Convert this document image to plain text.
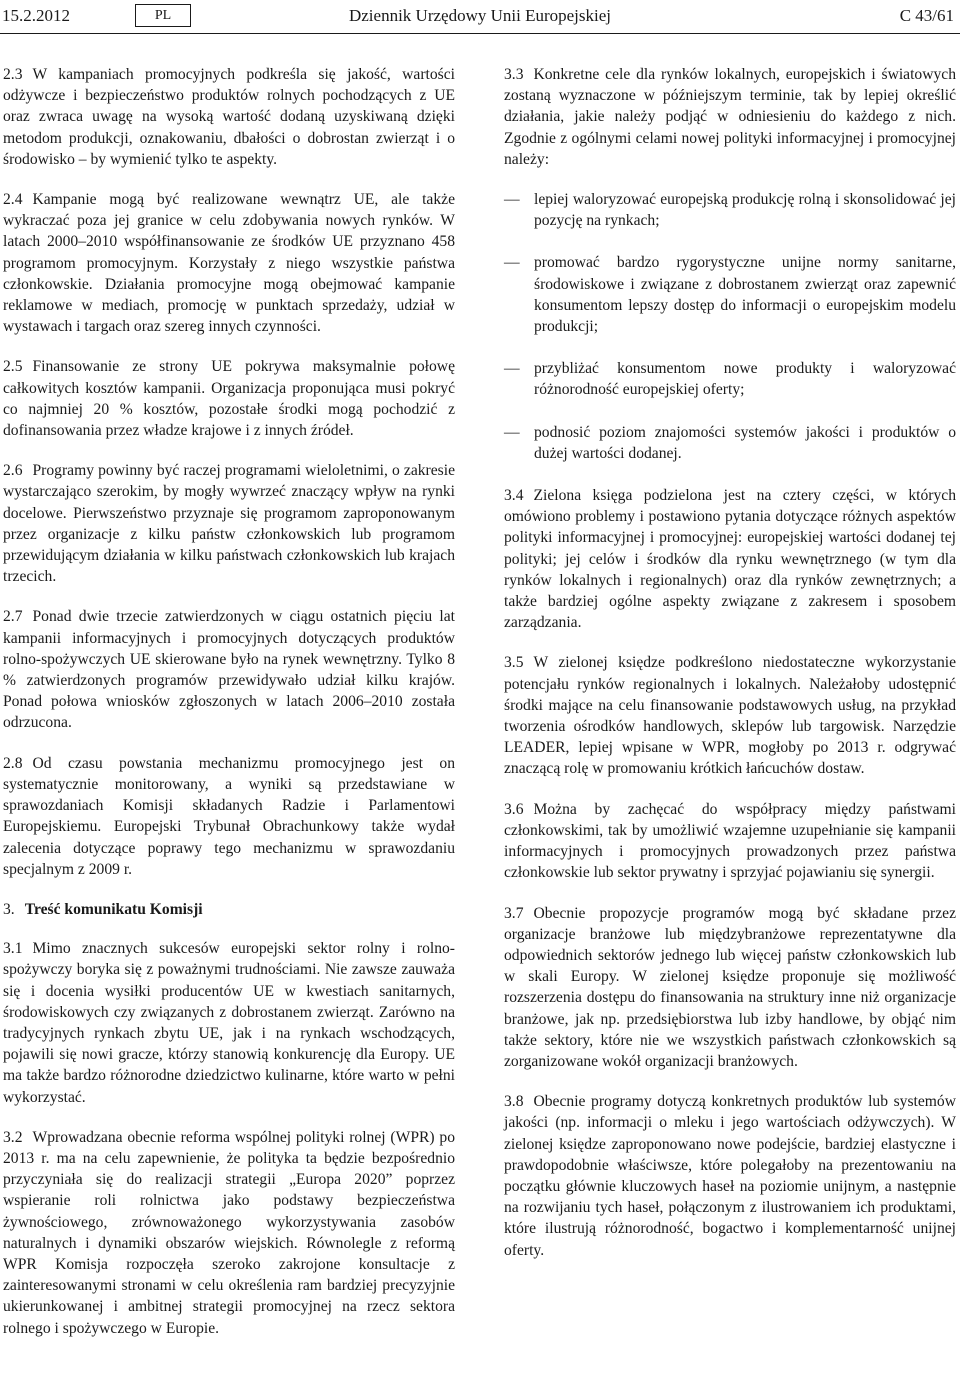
15.2.2012	PL	Dziennik Urzędowy Unii Europejskiej	C 43/61

2.3 W kampaniach promocyjnych podkreśla się jakość, wartości odżywcze i bezpieczeństwo produktów rolnych pochodzących z UE oraz zwraca uwagę na wysoką wartość dodaną uzyskiwaną dzięki metodom produkcji, oznakowaniu, dbałości o dobrostan zwierząt i o środowisko – by wymienić tylko te aspekty.

2.4 Kampanie mogą być realizowane wewnątrz UE, ale także wykraczać poza jej granice w celu zdobywania nowych rynków. W latach 2000–2010 współfinansowanie ze środków UE przyznano 458 programom promocyjnym. Korzystały z niego wszystkie państwa członkowskie. Działania promocyjne mogą obejmować kampanie reklamowe w mediach, promocję w punktach sprzedaży, udział w wystawach i targach oraz szereg innych czynności.

2.5 Finansowanie ze strony UE pokrywa maksymalnie połowę całkowitych kosztów kampanii. Organizacja proponująca musi pokryć co najmniej 20 % kosztów, pozostałe środki mogą pochodzić z dofinansowania przez władze krajowe i z innych źródeł.

2.6 Programy powinny być raczej programami wieloletnimi, o zakresie wystarczająco szerokim, by mogły wywrzeć znaczący wpływ na rynki docelowe. Pierwszeństwo przyznaje się programom zaproponowanym przez organizacje z kilku państw członkowskich lub programom przewidującym działania w kilku państwach członkowskich lub krajach trzecich.

2.7 Ponad dwie trzecie zatwierdzonych w ciągu ostatnich pięciu lat kampanii informacyjnych i promocyjnych dotyczących produktów rolno-spożywczych UE skierowane było na rynek wewnętrzny. Tylko 8 % zatwierdzonych programów przewidywało udział kilku krajów. Ponad połowa wniosków zgłoszonych w latach 2006–2010 została odrzucona.

2.8 Od czasu powstania mechanizmu promocyjnego jest on systematycznie monitorowany, a wyniki są przedstawiane w sprawozdaniach Komisji składanych Radzie i Parlamentowi Europejskiemu. Europejski Trybunał Obrachunkowy także wydał zalecenia dotyczące poprawy tego mechanizmu w sprawozdaniu specjalnym z 2009 r.

3. Treść komunikatu Komisji

3.1 Mimo znacznych sukcesów europejski sektor rolny i rolno-spożywczy boryka się z poważnymi trudnościami. Nie zawsze zauważa się i docenia wysiłki producentów UE w kwestiach sanitarnych, środowiskowych czy związanych z dobrostanem zwierząt. Zarówno na tradycyjnych rynkach zbytu UE, jak i na rynkach wschodzących, pojawili się nowi gracze, którzy stanowią konkurencję dla Europy. UE ma także bardzo różnorodne dziedzictwo kulinarne, które warto w pełni wykorzystać.

3.2 Wprowadzana obecnie reforma wspólnej polityki rolnej (WPR) po 2013 r. ma na celu zapewnienie, że polityka ta będzie bezpośrednio przyczyniała się do realizacji strategii „Europa 2020” poprzez wspieranie roli rolnictwa jako podstawy bezpieczeństwa żywnościowego, zrównoważonego wykorzystywania zasobów naturalnych i dynamiki obszarów wiejskich. Równolegle z reformą WPR Komisja rozpoczęła szeroko zakrojone konsultacje z zainteresowanymi stronami w celu określenia ram bardziej precyzyjnie ukierunkowanej i ambitnej strategii promocyjnej na rzecz sektora rolnego i spożywczego w Europie.

3.3 Konkretne cele dla rynków lokalnych, europejskich i światowych zostaną wyznaczone w późniejszym terminie, tak by lepiej określić działania, jakie należy podjąć w odniesieniu do każdego z nich. Zgodnie z ogólnymi celami nowej polityki informacyjnej i promocyjnej należy:

— lepiej waloryzować europejską produkcję rolną i skonsolidować jej pozycję na rynkach;
— promować bardzo rygorystyczne unijne normy sanitarne, środowiskowe i związane z dobrostanem zwierząt oraz zapewnić konsumentom lepszy dostęp do informacji o europejskim modelu produkcji;
— przybliżać konsumentom nowe produkty i waloryzować różnorodność europejskiej oferty;
— podnosić poziom znajomości systemów jakości i produktów o dużej wartości dodanej.

3.4 Zielona księga podzielona jest na cztery części, w których omówiono problemy i postawiono pytania dotyczące różnych aspektów polityki informacyjnej i promocyjnej: europejskiej wartości dodanej tej polityki; jej celów i środków dla rynku wewnętrznego (w tym dla rynków lokalnych i regionalnych) oraz dla rynków zewnętrznych; a także bardziej ogólne aspekty związane z zakresem i sposobem zarządzania.

3.5 W zielonej księdze podkreślono niedostateczne wykorzystanie potencjału rynków regionalnych i lokalnych. Należałoby udostępnić środki mające na celu finansowanie podstawowych usług, na przykład tworzenia ośrodków handlowych, sklepów lub targowisk. Narzędzie LEADER, lepiej wpisane w WPR, mogłoby po 2013 r. odgrywać znaczącą rolę w promowaniu krótkich łańcuchów dostaw.

3.6 Można by zachęcać do współpracy między państwami członkowskimi, tak by umożliwić wzajemne uzupełnianie się kampanii informacyjnych i promocyjnych prowadzonych przez państwa członkowskie lub sektor prywatny i sprzyjać pojawianiu się synergii.

3.7 Obecnie propozycje programów mogą być składane przez organizacje branżowe lub międzybranżowe reprezentatywne dla odpowiednich sektorów jednego lub więcej państw członkowskich lub w skali Europy. W zielonej księdze proponuje się możliwość rozszerzenia dostępu do finansowania na struktury inne niż organizacje branżowe, jak np. przedsiębiorstwa lub izby handlowe, by objąć nim także sektory, które nie we wszystkich państwach członkowskich są zorganizowane wokół organizacji branżowych.

3.8 Obecnie programy dotyczą konkretnych produktów lub systemów jakości (np. informacji o mleku i jego wartościach odżywczych). W zielonej księdze zaproponowano nowe podejście, bardziej elastyczne i prawdopodobnie właściwsze, które polegałoby na prezentowaniu na początku głównie kluczowych haseł na poziomie unijnym, a następnie na rozwijaniu tych haseł, połączonym z ilustrowaniem ich produktami, które ilustrują różnorodność, bogactwo i komplementarność unijnej oferty.
